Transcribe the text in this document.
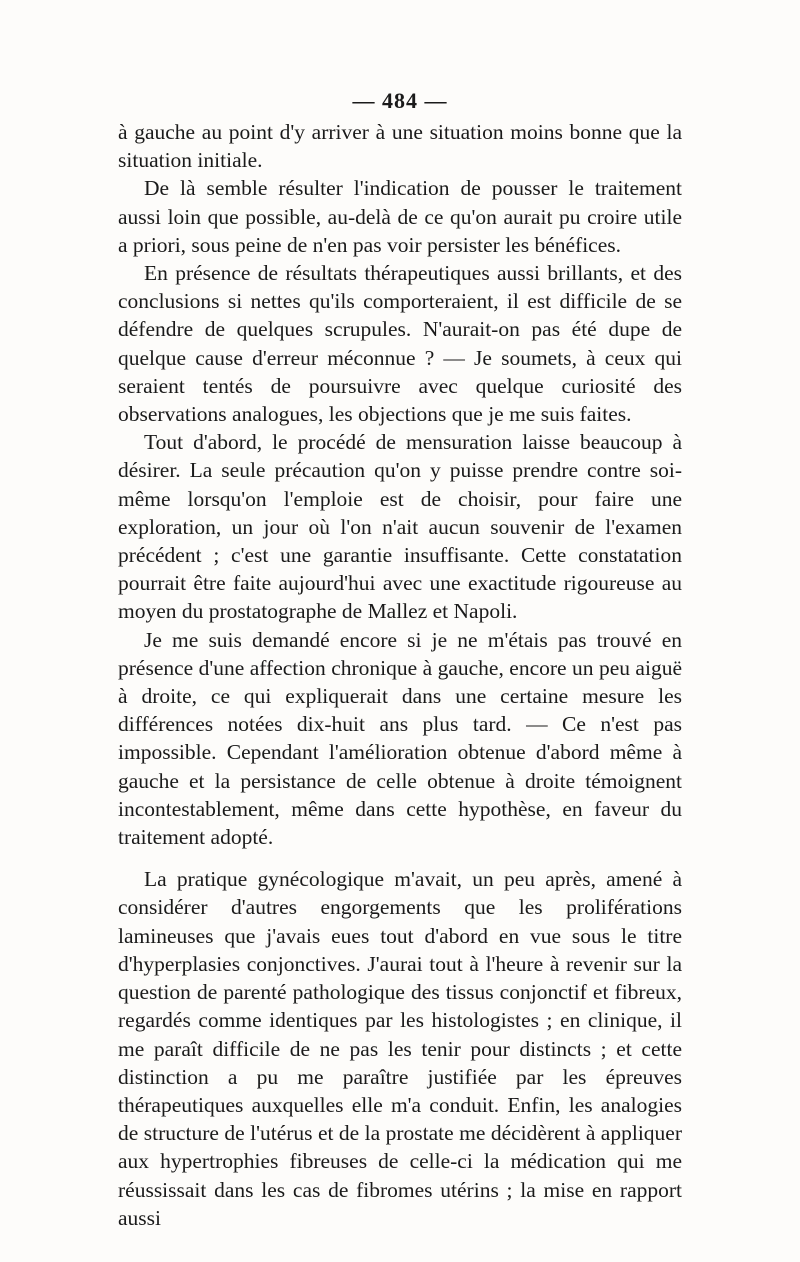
— 484 —

à gauche au point d'y arriver à une situation moins bonne que la situation initiale.

De là semble résulter l'indication de pousser le traitement aussi loin que possible, au-delà de ce qu'on aurait pu croire utile a priori, sous peine de n'en pas voir persister les bénéfices.

En présence de résultats thérapeutiques aussi brillants, et des conclusions si nettes qu'ils comporteraient, il est difficile de se défendre de quelques scrupules. N'aurait-on pas été dupe de quelque cause d'erreur méconnue ? — Je soumets, à ceux qui seraient tentés de poursuivre avec quelque curiosité des observations analogues, les objections que je me suis faites.

Tout d'abord, le procédé de mensuration laisse beaucoup à désirer. La seule précaution qu'on y puisse prendre contre soi-même lorsqu'on l'emploie est de choisir, pour faire une exploration, un jour où l'on n'ait aucun souvenir de l'examen précédent ; c'est une garantie insuffisante. Cette constatation pourrait être faite aujourd'hui avec une exactitude rigoureuse au moyen du prostatographe de Mallez et Napoli.

Je me suis demandé encore si je ne m'étais pas trouvé en présence d'une affection chronique à gauche, encore un peu aiguë à droite, ce qui expliquerait dans une certaine mesure les différences notées dix-huit ans plus tard. — Ce n'est pas impossible. Cependant l'amélioration obtenue d'abord même à gauche et la persistance de celle obtenue à droite témoignent incontestablement, même dans cette hypothèse, en faveur du traitement adopté.

La pratique gynécologique m'avait, un peu après, amené à considérer d'autres engorgements que les proliférations lamineuses que j'avais eues tout d'abord en vue sous le titre d'hyperplasies conjonctives. J'aurai tout à l'heure à revenir sur la question de parenté pathologique des tissus conjonctif et fibreux, regardés comme identiques par les histologistes ; en clinique, il me paraît difficile de ne pas les tenir pour distincts ; et cette distinction a pu me paraître justifiée par les épreuves thérapeutiques auxquelles elle m'a conduit. Enfin, les analogies de structure de l'utérus et de la prostate me décidèrent à appliquer aux hypertrophies fibreuses de celle-ci la médication qui me réussissait dans les cas de fibromes utérins ; la mise en rapport aussi
